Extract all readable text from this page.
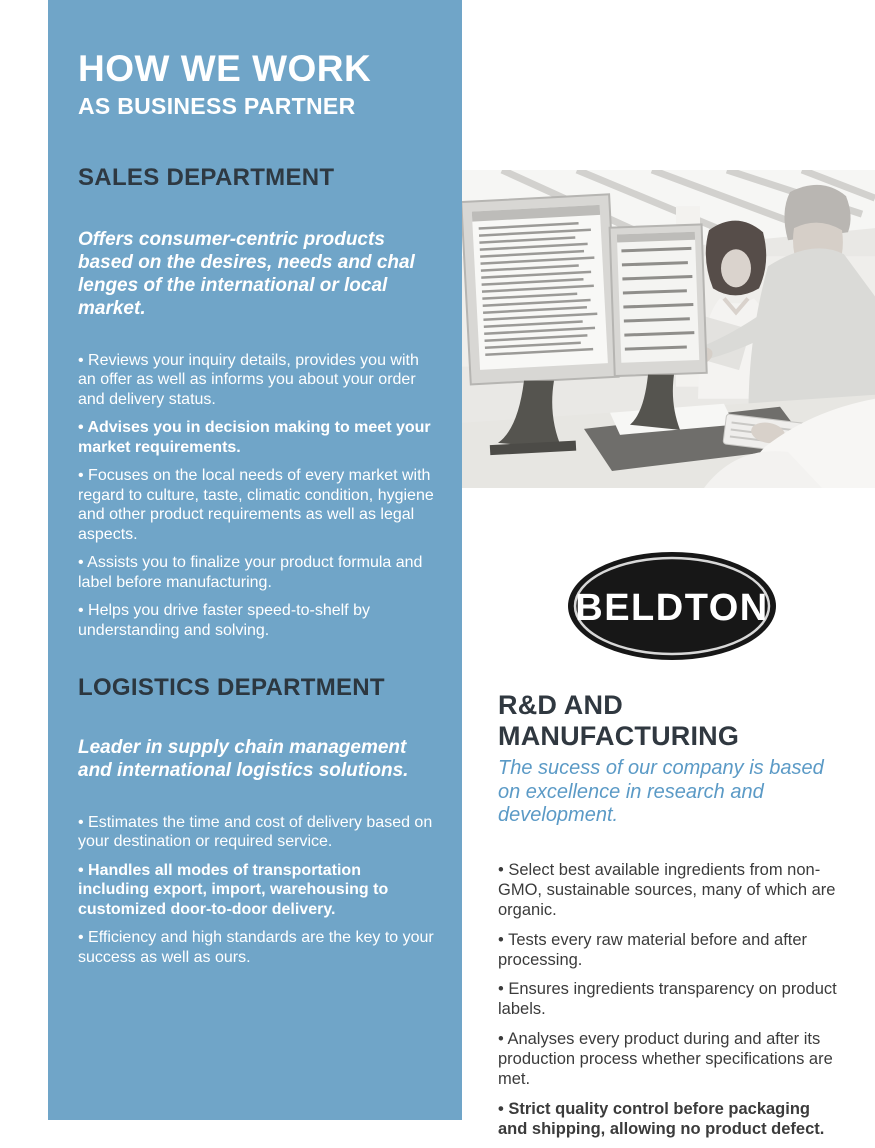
HOW WE WORK
AS BUSINESS PARTNER
SALES DEPARTMENT
Offers consumer-centric products based on the desires, needs and chal lenges of the international or local market.

• Reviews your inquiry details, provides you with an offer as well as informs you about your order and delivery status.

• Advises you in decision making to meet your market requirements.

• Focuses on the local needs of every market with regard to culture, taste, climatic condition, hygiene and other product requirements as well as legal aspects.

• Assists you to finalize your product formula and label before manufacturing.

• Helps you drive faster speed-to-shelf by understanding and solving.

LOGISTICS DEPARTMENT
Leader in supply chain management and international logistics solutions.

• Estimates the time and cost of delivery based on your destination or required service.

• Handles all modes of transportation including export, import, warehousing to customized door-to-door delivery.

• Efficiency and high standards are the key to your success as well as ours.

BELDTON
R&D AND MANUFACTURING
The sucess of our company is based on excellence in research and development.

• Select best available ingredients from non-GMO, sustainable sources, many of which are organic.

• Tests every raw material before and after processing.

• Ensures ingredients transparency on product labels.

• Analyses every product during and after its production process whether specifications are met.

• Strict quality control before packaging and shipping, allowing no product defect.
